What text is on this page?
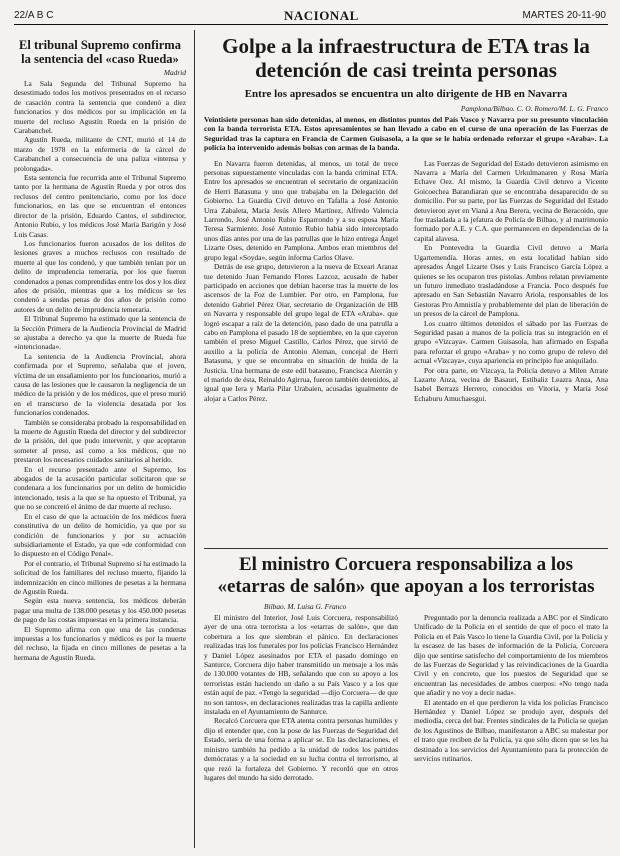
22/A B C	NACIONAL	MARTES 20-11-90
El tribunal Supremo confirma la sentencia del «caso Rueda»
Madrid

La Sala Segunda del Tribunal Supremo ha desestimado todos los motivos presentados en el recurso de casación contra la sentencia que condenó a diez funcionarios y dos médicos por su implicación en la muerte del recluso Agustín Rueda en la prisión de Carabanchel.

Agustín Rueda, militante de CNT, murió el 14 de marzo de 1978 en la enfermería de la cárcel de Carabanchel a consecuencia de una paliza «intensa y prolongada».

Esta sentencia fue recurrida ante el Tribunal Supremo tanto por la hermana de Agustín Rueda y por otros dos reclusos del centro penitenciario, como por los doce funcionarios, en las que se encuentran el entonces director de la prisión, Eduardo Cantos, el subdirector, Antonio Rubio, y los médicos José María Barigón y José Luis Casas.

Los funcionarios fueron acusados de los delitos de lesiones graves a muchos reclusos con resultado de muerte al que los condenó, y que también tenían por un delito de imprudencia temeraria, por los que fueron condenados a penas comprendidas entre los dos y los diez años de prisión, mientras que a los médicos se les condenó a sendas penas de dos años de prisión como autores de un delito de imprudencia temeraria.

El Tribunal Supremo ha estimado que la sentencia de la Sección Primera de la Audiencia Provincial de Madrid se ajustaba a derecho ya que la muerte de Rueda fue «intencionada».

La sentencia de la Audiencia Provincial, ahora confirmada por el Supremo, señalaba que el joven, víctima de un ensañamiento por los funcionarios, murió a causa de las lesiones que le causaron la negligencia de un médico de la prisión y de los médicos, que el preso murió en el transcurso de la violencia desatada por los funcionarios condenados.

También se consideraba probado la responsabilidad en la muerte de Agustín Rueda del director y del subdirector de la prisión, del que pudo intervenir, y que aceptaron someter al preso, así como a los médicos, que no prestaron los necesarios cuidados sanitarios al herido.

En el recurso presentado ante el Supremo, los abogados de la acusación particular solicitaron que se condenara a los funcionarios por un delito de homicidio intencionado, tesis a la que se ha opuesto el Tribunal, ya que no se concretó el ánimo de dar muerte al recluso.

En el caso de que la actuación de los médicos fuera constitutiva de un delito de homicidio, ya que por su condición de funcionarios y por su actuación subsidiariamente el Estado, ya que «de conformidad con lo dispuesto en el Código Penal».

Por el contrario, el Tribunal Supremo sí ha estimado la solicitud de los familiares del recluso muerto, fijando la indemnización en cinco millones de pesetas a la hermana de Agustín Rueda.

Según esta nueva sentencia, los médicos deberán pagar una multa de 138.000 pesetas y los 450.000 pesetas de pago de las costas impuestas en la primera instancia.

El Supremo afirma con que una de las condenas impuestas a los funcionarios y médicos es por la muerte del recluso, la fijada en cinco millones de pesetas a la hermana de Agustín Rueda.

Golpe a la infraestructura de ETA tras la detención de casi treinta personas
Entre los apresados se encuentra un alto dirigente de HB en Navarra
Pamplona/Bilbao. C. O. Romero/M. L. G. Franco
Veintisiete personas han sido detenidas, al menos, en distintos puntos del País Vasco y Navarra por su presunto vinculación con la banda terrorista ETA. Estos apresamientos se han llevado a cabo en el curso de una operación de las Fuerzas de Seguridad tras la captura en Francia de Carmen Guisasola, a la que se le había ordenado reforzar el grupo «Araba». La policía ha intervenido además bolsas con armas de la banda.

En Navarra fueron detenidas, al menos, un total de trece personas supuestamente vinculadas con la banda criminal ETA. Entre los apresados se encuentran el secretario de organización de Herri Batasuna y uno que trabajaba en la Delegación del Gobierno. La Guardia Civil detuvo en Tafalla a José Antonio Urra Zabaleta, María Jesús Allero Martínez, Alfredo Valencia Larrondo, José Antonio Rubio Esparrondo y a su esposa María Teresa Sarmiento. José Antonio Rubio había sido interceptado unos días antes por una de las patrullas que le hizo entrega Ángel Lizarte Oses, detenido en Pamplona. Ambos eran miembros del grupo legal «Soyda», según informa Carlos Olave.

Detrás de ese grupo, detuvieron a la nueva de Etxeari Aranaz tue detenido Juan Fernando Flores Lazcoz, acusado de haber participado en acciones que debían hacerse tras la muerte de los ascensos de la Foz de Lumbier. Por otro, en Pamplona, fue detenido Gabriel Pérez Oiar, secretario de Organización de HB en Navarra y responsable del grupo legal de ETA «Araba». que logró escapar a raíz de la detención, paso dado de una patrulla a cabo en Pamplona el pasado 18 de septiembre, en la que cayeron también el preso Miguel Castillo, Carlos Pérez, que sirvió de auxilio a la policía de Antonio Aleman, concejal de Herri Batasuna, y que se encontraba en situación de huida de la Justicia. Una hermana de este edil batasuno, Francisca Aierrán y el marido de ésta, Reinaldo Agirrua, fueron también detenidos, al igual que Iera y María Pilar Urabaien, acusadas igualmente de alojar a Carlos Pérez.

Las Fuerzas de Seguridad del Estado detuvieron asimismo en Navarra a María del Carmen Urkulmanaren y Rosa María Echave Oez. Al mismo, la Guardia Civil detuvo a Vicente Goicoechea Barandiaran que se encontraba desaparecido de su domicilio. Por su parte, por las Fuerzas de Seguridad del Estado detuvieron ayer en Vianá a Ana Berera, vecina de Beracoido, que fue trasladada a la jefatura de Policía de Bilbao, y al matrimonio formado por A.E. y C.A. que permanecen en dependencias de la capital alavesa.

En Pontevedra la Guardia Civil detuvo a María Ugartemendía. Horas antes, en esta localidad habían sido apresados Ángel Lizarte Oses y Luis Francisco García López a quienes se les ocuparon tres pistolas. Ambos relatan previamente un futuro inmediato trasladándose a Francia. Poco después fue apresado en San Sebastián Navarro Ariola, responsables de los Gestoras Pro Amnistía y probablemente del plan de liberación de un presos de la cárcel de Pamplona.

Los cuatro últimos detenidos el sábado por las Fuerzas de Seguridad pasan a manos de la policía tras su integración en el grupo «Vizcaya». Carmen Guisasola, han afirmado en España para reforzar el grupo «Araba» y no como grupo de relevo del actual «Vizcaya», cuya apariencia en principio fue aniquilado.

Por otra parte, en Vizcaya, la Policía detuvo a Milen Arrate Lazarte Anza, vecina de Basauri, Estibaliz Leazra Anza, Ana Isabel Berrazs Herrero, conocidos en Vitoria, y María José Echaburu Amuchaesgui.

El ministro Corcuera responsabiliza a los «etarras de salón» que apoyan a los terroristas
Bilbao. M. Luisa G. Franco

El ministro del Interior, José Luis Corcuera, responsabilizó ayer de una otra terrorista a los «etarras de salón», que dan cobertura a los que siembran el pánico. En declaraciones realizadas tras los funerales por los policías Francisco Hernández y Daniel López asesinados por ETA el pasado domingo en Santurce, Corcuera dijo haber transmitido un mensaje a los más de 130.000 votantes de HB, señalando que con su apoyo a los terroristas están haciendo un daño a su País Vasco y a los que están aquí de paz. «Tengo la seguridad —dijo Corcuera— de que no son tantos», en declaraciones realizadas tras la capilla ardiente instalada en el Ayuntamiento de Santurce.

Recalcó Corcuera que ETA atenta contra personas humildes y dijo el entender que, con la pose de las Fuerzas de Seguridad del Estado, sería de una forma a aplicar se. En las declaraciones, el ministro también ha pedido a la unidad de todos los partidos demócratas y a la sociedad en su lucha contra el terrorismo, al que rezó la fortaleza del Gobierno. Y recordó que en otros lugares del mundo ha sido derrotado.

Preguntado por la denuncia realizada a ABC por el Sindicato Unificado de la Policía en el sentido de que el poco el trato la Policía en el País Vasco lo tiene la Guardia Civil, por la Policía y la escasez de las bases de información de la Policía, Corcuera dijo que sentirse satisfecho del comportamiento de los miembros de las Fuerzas de Seguridad y las reivindicaciones de la Guardia Civil y en concreto, que los puestos de Seguridad que se encuentran las necesidades de ambos cuerpos: «No tengo nada que añadir y no voy a decir nada».

El atentado en el que perdieron la vida los policías Francisco Hernández y Daniel López se produjo ayer, después del mediodía, cerca del bar. Frentes sindicales de la Policía se quejan de los Agustinos de Bilbao, manifestaron a ABC su malestar por el trato que reciben de la Policía, ya que sólo dicen que se les ha destinado a los servicios del Ayuntamiento para la protección de servicios rutinarios.
